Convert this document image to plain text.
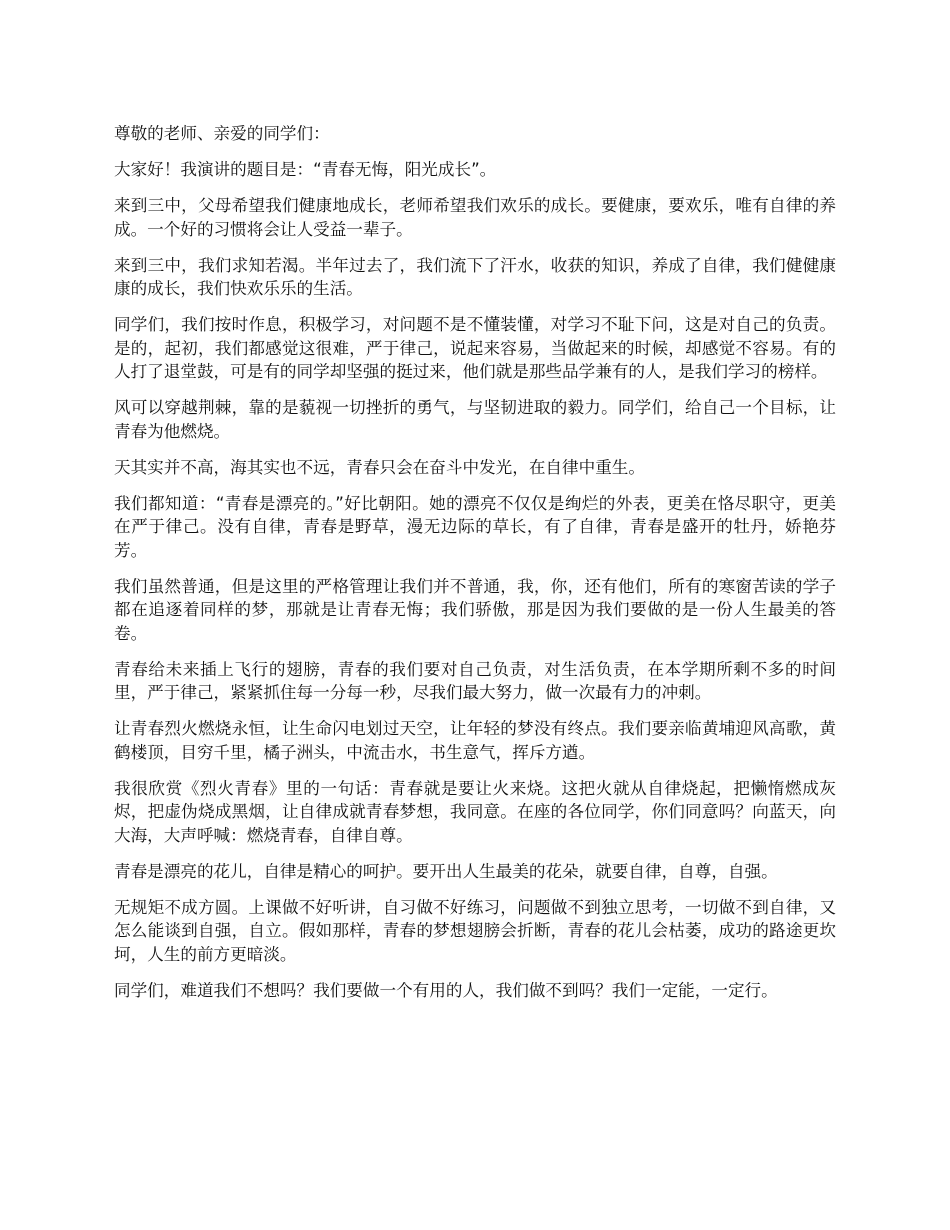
尊敬的老师、亲爱的同学们：

大家好！我演讲的题目是：“青春无悔，阳光成长”。

来到三中，父母希望我们健康地成长，老师希望我们欢乐的成长。要健康，要欢乐，唯有自律的养成。一个好的习惯将会让人受益一辈子。

来到三中，我们求知若渴。半年过去了，我们流下了汗水，收获的知识，养成了自律，我们健健康康的成长，我们快欢乐乐的生活。

同学们，我们按时作息，积极学习，对问题不是不懂装懂，对学习不耻下问，这是对自己的负责。是的，起初，我们都感觉这很难，严于律己，说起来容易，当做起来的时候，却感觉不容易。有的人打了退堂鼓，可是有的同学却坚强的挺过来，他们就是那些品学兼有的人，是我们学习的榜样。

风可以穿越荆棘，靠的是藐视一切挫折的勇气，与坚韧进取的毅力。同学们，给自己一个目标，让青春为他燃烧。

天其实并不高，海其实也不远，青春只会在奋斗中发光，在自律中重生。

我们都知道：“青春是漂亮的。”好比朝阳。她的漂亮不仅仅是绚烂的外表，更美在恪尽职守，更美在严于律己。没有自律，青春是野草，漫无边际的草长，有了自律，青春是盛开的牡丹，娇艳芬芳。

我们虽然普通，但是这里的严格管理让我们并不普通，我，你，还有他们，所有的寒窗苦读的学子都在追逐着同样的梦，那就是让青春无悔；我们骄傲，那是因为我们要做的是一份人生最美的答卷。

青春给未来插上飞行的翅膀，青春的我们要对自己负责，对生活负责，在本学期所剩不多的时间里，严于律己，紧紧抓住每一分每一秒，尽我们最大努力，做一次最有力的冲刺。

让青春烈火燃烧永恒，让生命闪电划过天空，让年轻的梦没有终点。我们要亲临黄埔迎风高歌，黄鹤楼顶，目穷千里，橘子洲头，中流击水，书生意气，挥斥方遒。

我很欣赏《烈火青春》里的一句话：青春就是要让火来烧。这把火就从自律烧起，把懒惰燃成灰烬，把虚伪烧成黑烟，让自律成就青春梦想，我同意。在座的各位同学，你们同意吗？向蓝天，向大海，大声呼喊：燃烧青春，自律自尊。

青春是漂亮的花儿，自律是精心的呵护。要开出人生最美的花朵，就要自律，自尊，自强。

无规矩不成方圆。上课做不好听讲，自习做不好练习，问题做不到独立思考，一切做不到自律，又怎么能谈到自强，自立。假如那样，青春的梦想翅膀会折断，青春的花儿会枯萎，成功的路途更坎坷，人生的前方更暗淡。

同学们，难道我们不想吗？我们要做一个有用的人，我们做不到吗？我们一定能，一定行。
